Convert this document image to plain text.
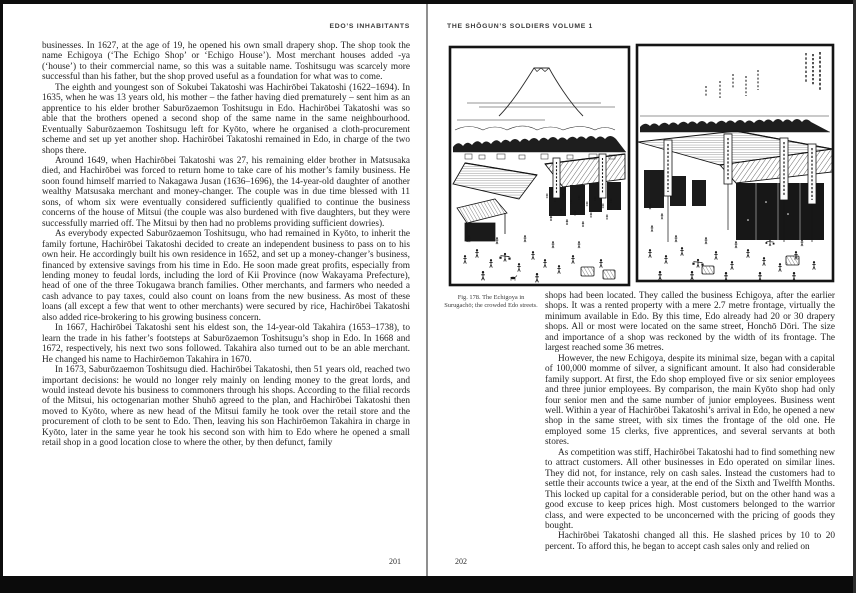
EDO’S INHABITANTS

businesses. In 1627, at the age of 19, he opened his own small drapery shop. The shop took the name Echigoya (‘The Echigo Shop’ or ‘Echigo House’). Most merchant houses added -ya (‘house’) to their commercial name, so this was a suitable name. Toshitsugu was scarcely more successful than his father, but the shop proved useful as a foundation for what was to come.

The eighth and youngest son of Sokubei Takatoshi was Hachirōbei Takatoshi (1622–1694). In 1635, when he was 13 years old, his mother – the father having died prematurely – sent him as an apprentice to his elder brother Saburōzaemon Toshitsugu in Edo. Hachirōbei Takatoshi was so able that the brothers opened a second shop of the same name in the same neighbourhood. Eventually Saburōzaemon Toshitsugu left for Kyōto, where he organised a cloth-procurement scheme and set up yet another shop. Hachirōbei Takatoshi remained in Edo, in charge of the two shops there.

Around 1649, when Hachirōbei Takatoshi was 27, his remaining elder brother in Matsusaka died, and Hachirōbei was forced to return home to take care of his mother’s family business. He soon found himself married to Nakagawa Jusan (1636–1696), the 14-year-old daughter of another wealthy Matsusaka merchant and money-changer. The couple was in due time blessed with 11 sons, of whom six were eventually considered sufficiently qualified to continue the business concerns of the house of Mitsui (the couple was also burdened with five daughters, but they were successfully married off. The Mitsui by then had no problems providing sufficient dowries).

As everybody expected Saburōzaemon Toshitsugu, who had remained in Kyōto, to inherit the family fortune, Hachirōbei Takatoshi decided to create an independent business to pass on to his own heir. He accordingly built his own residence in 1652, and set up a money-changer’s business, financed by extensive savings from his time in Edo. He soon made great profits, especially from lending money to feudal lords, including the lord of Kii Province (now Wakayama Prefecture), head of one of the three Tokugawa branch families. Other merchants, and farmers who needed a cash advance to pay taxes, could also count on loans from the new business. As most of these loans (all except a few that went to other merchants) were secured by rice, Hachirōbei Takatoshi also added rice-brokering to his growing business concern.

In 1667, Hachirōbei Takatoshi sent his eldest son, the 14-year-old Takahira (1653–1738), to learn the trade in his father’s footsteps at Saburōzaemon Toshitsugu’s shop in Edo. In 1668 and 1672, respectively, his next two sons followed. Takahira also turned out to be an able merchant. He changed his name to Hachirōemon Takahira in 1670.

In 1673, Saburōzaemon Toshitsugu died. Hachirōbei Takatoshi, then 51 years old, reached two important decisions: he would no longer rely mainly on lending money to the great lords, and would instead devote his business to commoners through his shops. According to the filial records of the Mitsui, his octogenarian mother Shuhō agreed to the plan, and Hachirōbei Takatoshi then moved to Kyōto, where as new head of the Mitsui family he took over the retail store and the procurement of cloth to be sent to Edo. Then, leaving his son Hachirōemon Takahira in charge in Kyōto, later in the same year he took his second son with him to Edo where he opened a small retail shop in a good location close to where the other, by then defunct, family

201
THE SHŌGUN’S SOLDIERS VOLUME 1
Fig. 178. The Echigoya in Surugachō; the crowded Edo streets.

shops had been located. They called the business Echigoya, after the earlier shops. It was a rented property with a mere 2.7 metre frontage, virtually the minimum available in Edo. By this time, Edo already had 20 or 30 drapery shops. All or most were located on the same street, Honchō Dōri. The size and importance of a shop was reckoned by the width of its frontage. The largest reached some 36 metres.

However, the new Echigoya, despite its minimal size, began with a capital of 100,000 momme of silver, a significant amount. It also had considerable family support. At first, the Edo shop employed five or six senior employees and three junior employees. By comparison, the main Kyōto shop had only four senior men and the same number of junior employees. Business went well. Within a year of Hachirōbei Takatoshi’s arrival in Edo, he opened a new shop in the same street, with six times the frontage of the old one. He employed some 15 clerks, five apprentices, and several servants at both stores.

As competition was stiff, Hachirōbei Takatoshi had to find something new to attract customers. All other businesses in Edo operated on similar lines. They did not, for instance, rely on cash sales. Instead the customers had to settle their accounts twice a year, at the end of the Sixth and Twelfth Months. This locked up capital for a considerable period, but on the other hand was a good excuse to keep prices high. Most customers belonged to the warrior class, and were expected to be unconcerned with the pricing of goods they bought.

Hachirōbei Takatoshi changed all this. He slashed prices by 10 to 20 percent. To afford this, he began to accept cash sales only and relied on

202
